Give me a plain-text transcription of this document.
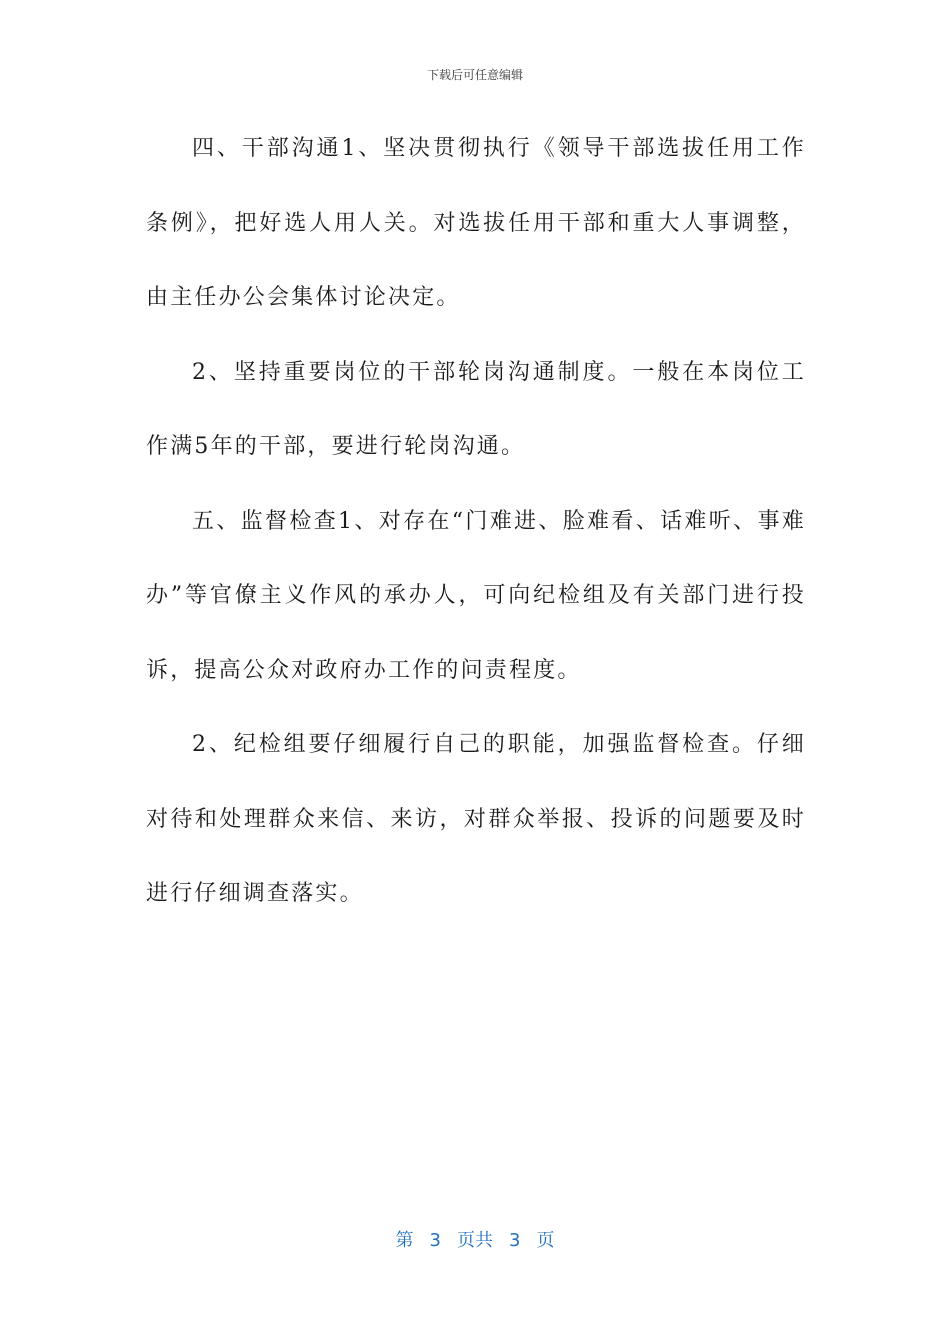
下载后可任意编辑

四、干部沟通1、坚决贯彻执行《领导干部选拔任用工作条例》，把好选人用人关。对选拔任用干部和重大人事调整，由主任办公会集体讨论决定。

2、坚持重要岗位的干部轮岗沟通制度。一般在本岗位工作满5年的干部，要进行轮岗沟通。

五、监督检查1、对存在“门难进、脸难看、话难听、事难办”等官僚主义作风的承办人，可向纪检组及有关部门进行投诉，提高公众对政府办工作的问责程度。

2、纪检组要仔细履行自己的职能，加强监督检查。仔细对待和处理群众来信、来访，对群众举报、投诉的问题要及时进行仔细调查落实。

第 3 页共 3 页
